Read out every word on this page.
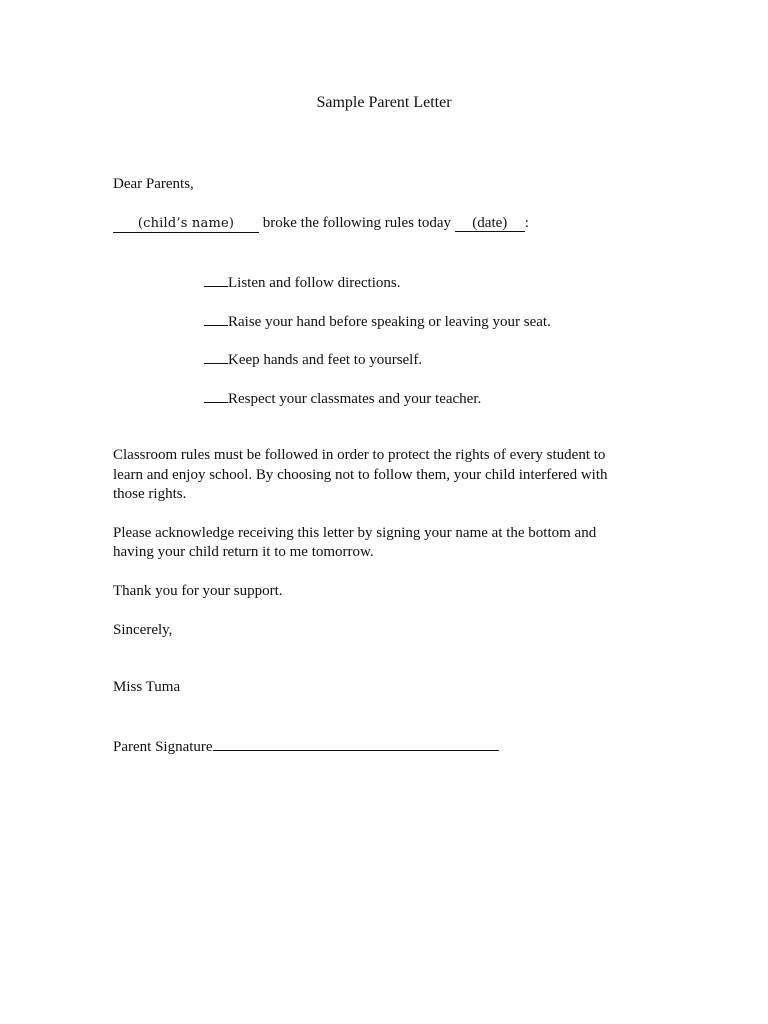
Sample Parent Letter
Dear Parents,
(child’s name) broke the following rules today (date) :
Listen and follow directions.
Raise your hand before speaking or leaving your seat.
Keep hands and feet to yourself.
Respect your classmates and your teacher.
Classroom rules must be followed in order to protect the rights of every student to
learn and enjoy school. By choosing not to follow them, your child interfered with
those rights.
Please acknowledge receiving this letter by signing your name at the bottom and
having your child return it to me tomorrow.
Thank you for your support.
Sincerely,
Miss Tuma
Parent Signature
